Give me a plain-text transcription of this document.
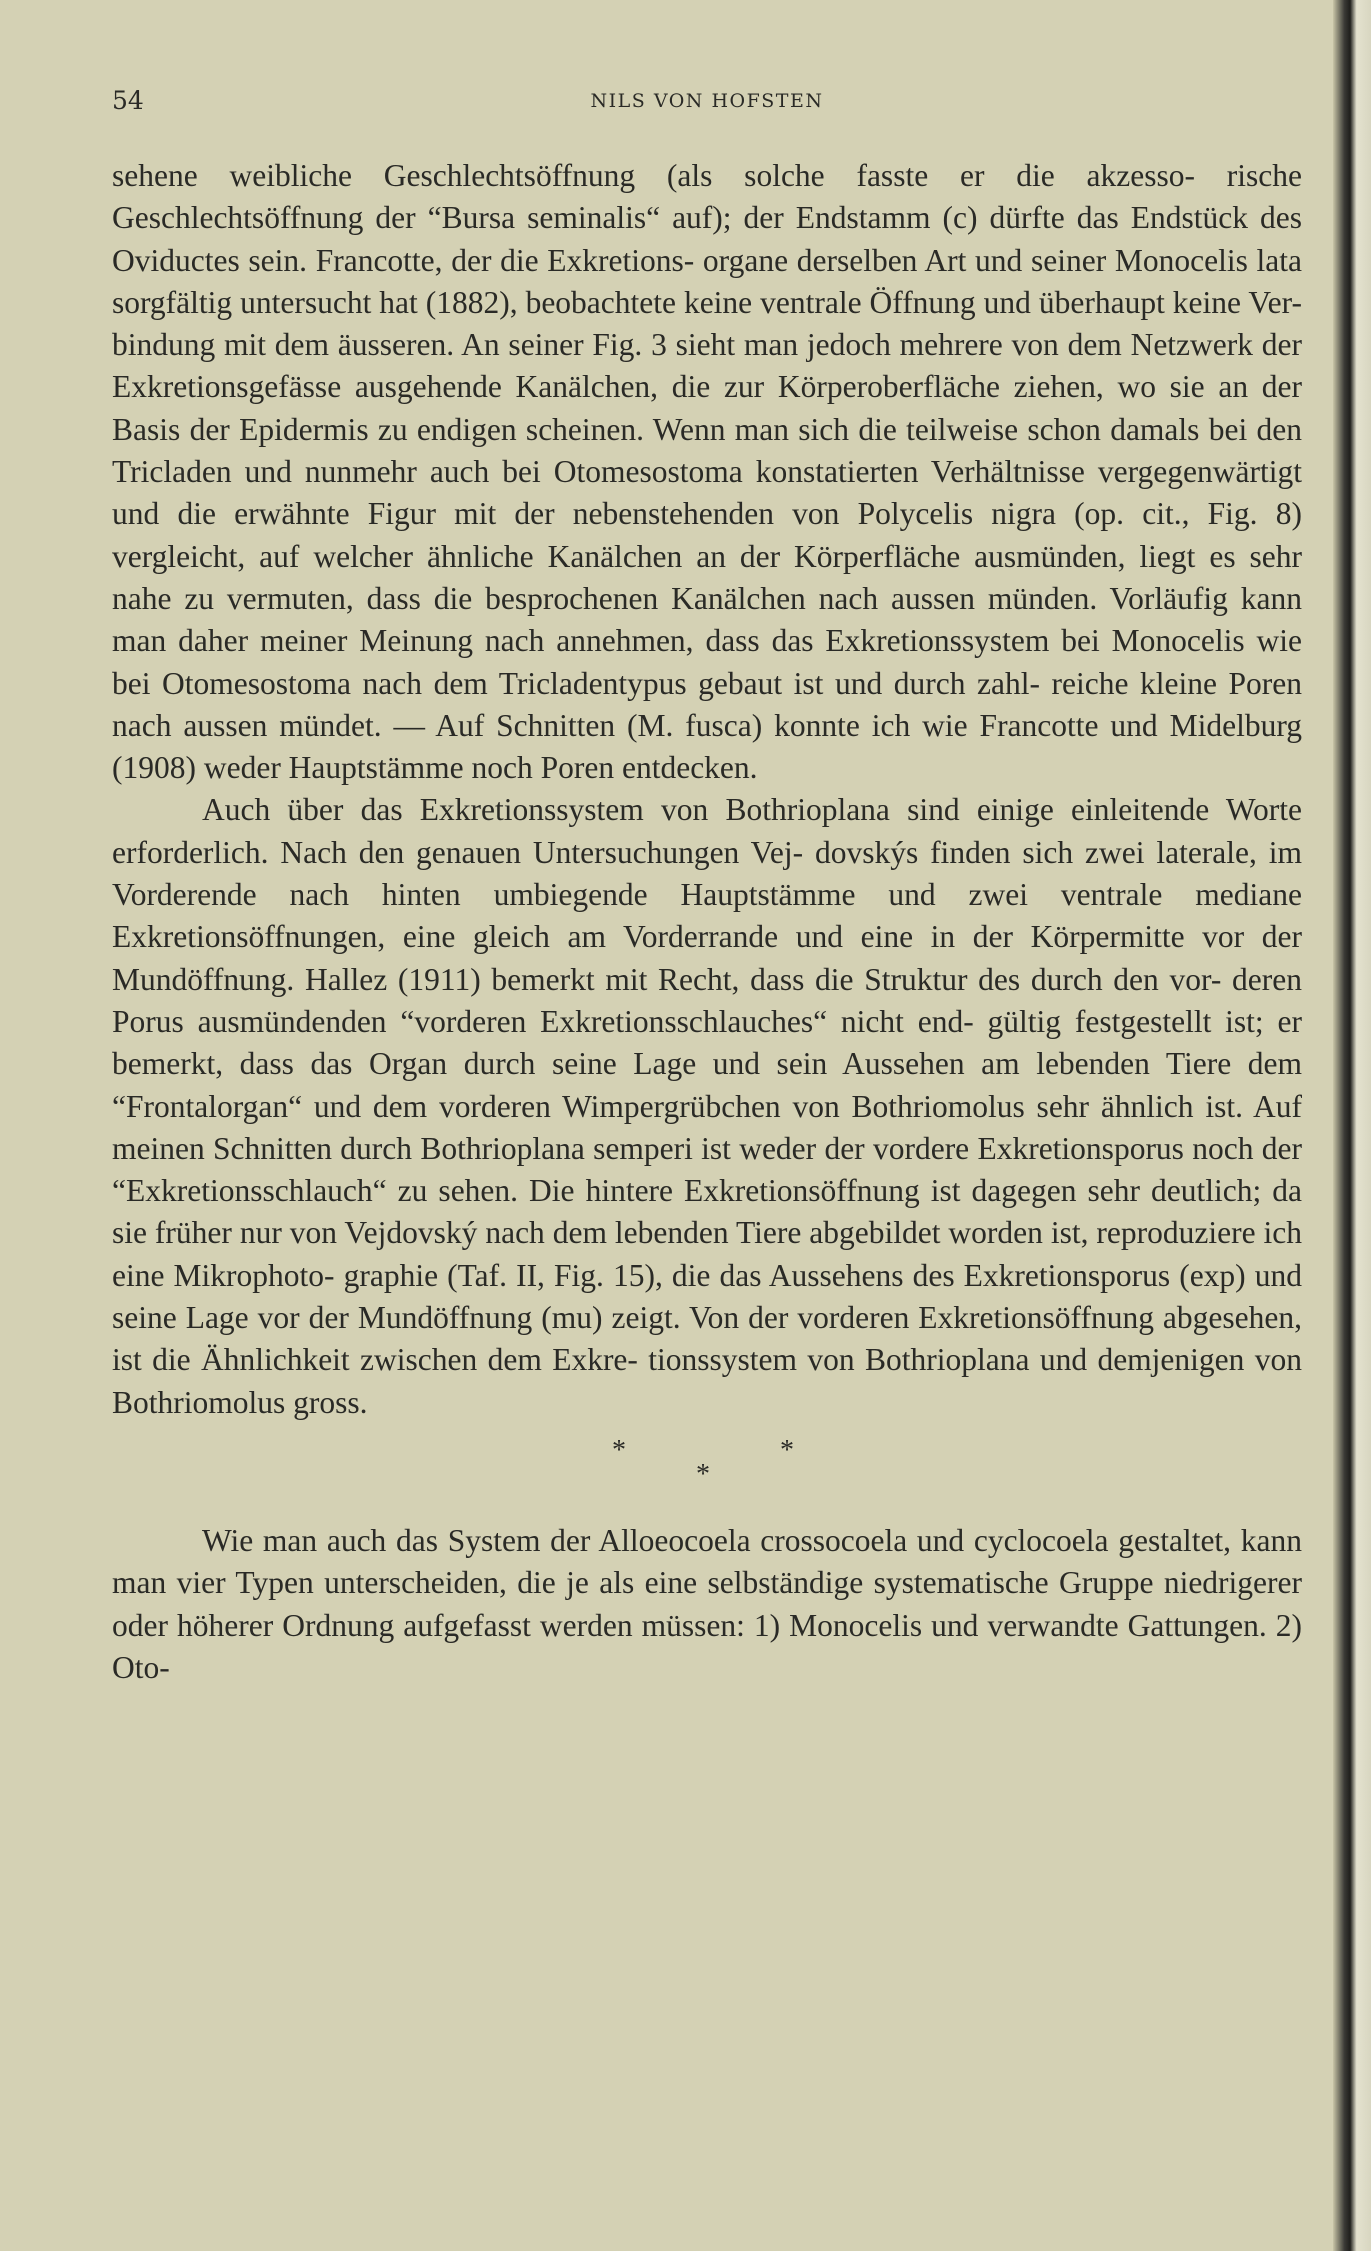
54	NILS VON HOFSTEN

sehene weibliche Geschlechtsöffnung (als solche fasste er die akzesso- rische Geschlechtsöffnung der “Bursa seminalis“ auf); der Endstamm (c) dürfte das Endstück des Oviductes sein. Francotte, der die Exkretions- organe derselben Art und seiner Monocelis lata sorgfältig untersucht hat (1882), beobachtete keine ventrale Öffnung und überhaupt keine Ver- bindung mit dem äusseren. An seiner Fig. 3 sieht man jedoch mehrere von dem Netzwerk der Exkretionsgefässe ausgehende Kanälchen, die zur Körperoberfläche ziehen, wo sie an der Basis der Epidermis zu endigen scheinen. Wenn man sich die teilweise schon damals bei den Tricladen und nunmehr auch bei Otomesostoma konstatierten Verhältnisse vergegenwärtigt und die erwähnte Figur mit der nebenstehenden von Polycelis nigra (op. cit., Fig. 8) vergleicht, auf welcher ähnliche Kanälchen an der Körperfläche ausmünden, liegt es sehr nahe zu vermuten, dass die besprochenen Kanälchen nach aussen münden. Vorläufig kann man daher meiner Meinung nach annehmen, dass das Exkretionssystem bei Monocelis wie bei Otomesostoma nach dem Tricladentypus gebaut ist und durch zahl- reiche kleine Poren nach aussen mündet. — Auf Schnitten (M. fusca) konnte ich wie Francotte und Midelburg (1908) weder Hauptstämme noch Poren entdecken.

Auch über das Exkretionssystem von Bothrioplana sind einige einleitende Worte erforderlich. Nach den genauen Untersuchungen Vej- dovskýs finden sich zwei laterale, im Vorderende nach hinten umbiegende Hauptstämme und zwei ventrale mediane Exkretionsöffnungen, eine gleich am Vorderrande und eine in der Körpermitte vor der Mundöffnung. Hallez (1911) bemerkt mit Recht, dass die Struktur des durch den vor- deren Porus ausmündenden “vorderen Exkretionsschlauches“ nicht end- gültig festgestellt ist; er bemerkt, dass das Organ durch seine Lage und sein Aussehen am lebenden Tiere dem “Frontalorgan“ und dem vorderen Wimpergrübchen von Bothriomolus sehr ähnlich ist. Auf meinen Schnitten durch Bothrioplana semperi ist weder der vordere Exkretionsporus noch der “Exkretionsschlauch“ zu sehen. Die hintere Exkretionsöffnung ist dagegen sehr deutlich; da sie früher nur von Vejdovský nach dem lebenden Tiere abgebildet worden ist, reproduziere ich eine Mikrophoto- graphie (Taf. II, Fig. 15), die das Aussehens des Exkretionsporus (exp) und seine Lage vor der Mundöffnung (mu) zeigt. Von der vorderen Exkretionsöffnung abgesehen, ist die Ähnlichkeit zwischen dem Exkre- tionssystem von Bothrioplana und demjenigen von Bothriomolus gross.

*	*
*

Wie man auch das System der Alloeocoela crossocoela und cyclocoela gestaltet, kann man vier Typen unterscheiden, die je als eine selbständige systematische Gruppe niedrigerer oder höherer Ordnung aufgefasst werden müssen: 1) Monocelis und verwandte Gattungen. 2) Oto-
